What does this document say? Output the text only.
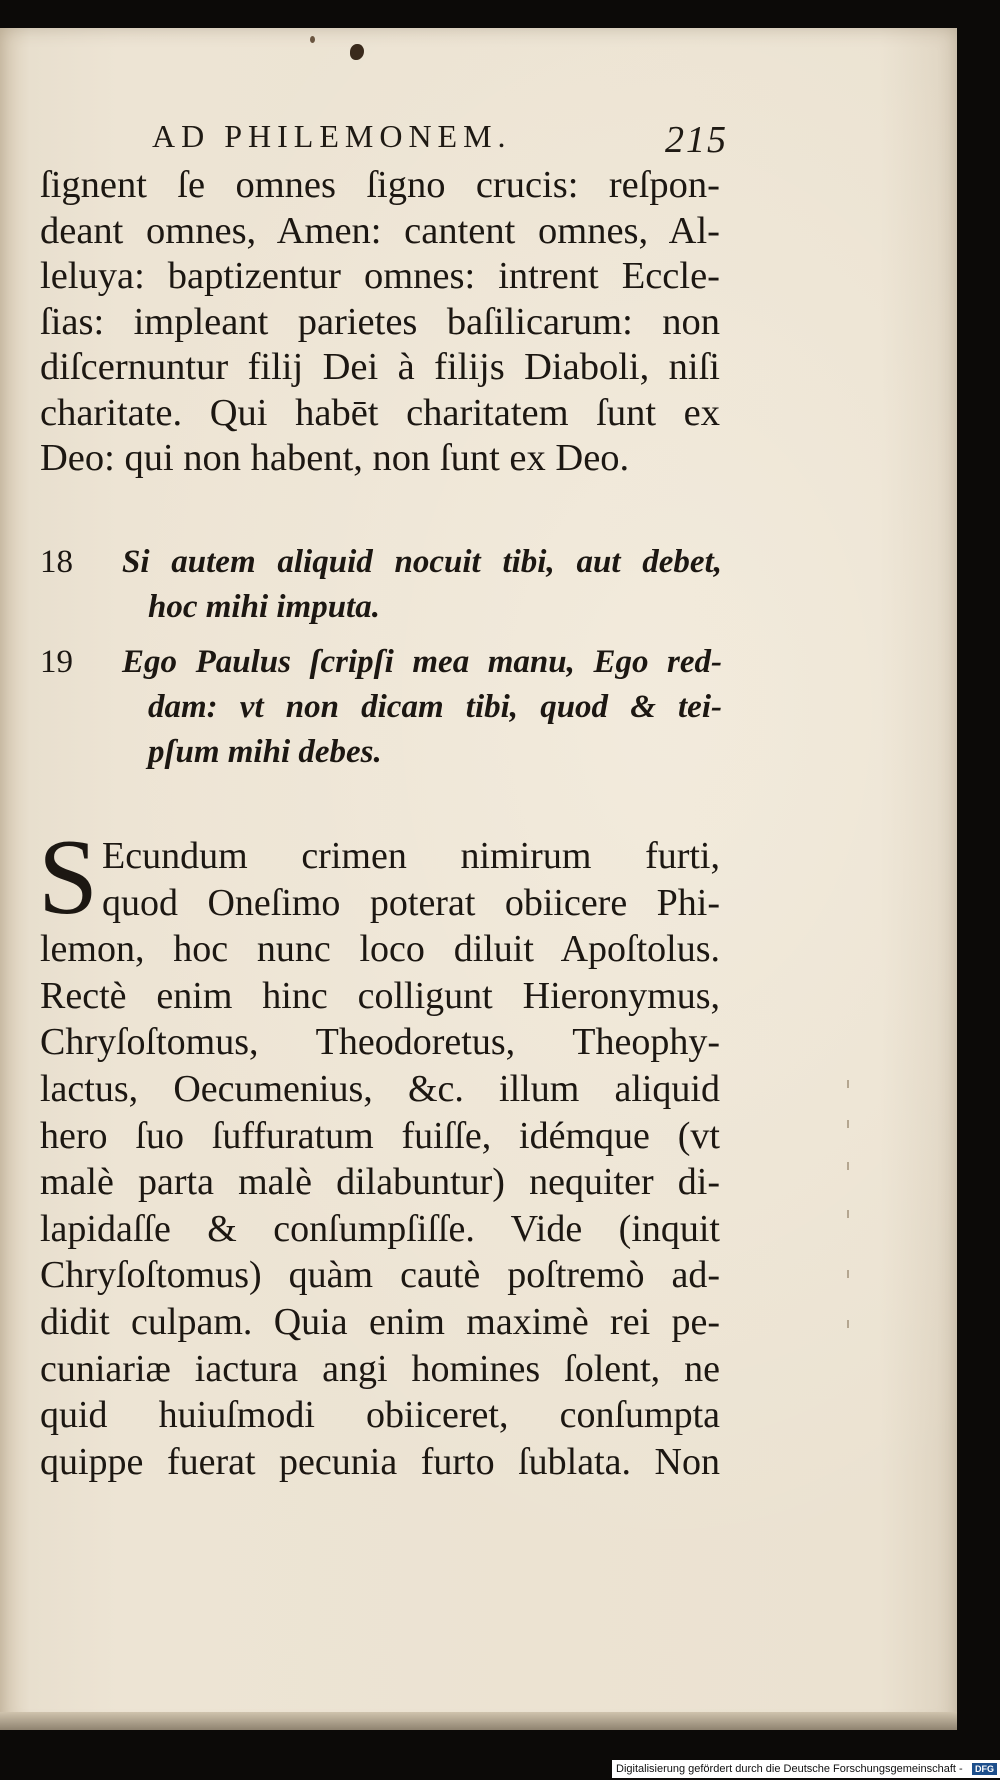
AD PHILEMONEM.	215

ſignent ſe omnes ſigno crucis: reſpon-

deant omnes, Amen: cantent omnes, Al-

leluya: baptizentur omnes: intrent Eccle-

ſias: impleant parietes baſilicarum: non

diſcernuntur filij Dei à filijs Diaboli, niſi

charitate. Qui habēt charitatem ſunt ex

Deo: qui non habent, non ſunt ex Deo.

18 Si autem aliquid nocuit tibi, aut debet,

hoc mihi imputa.

19 Ego Paulus ſcripſi mea manu, Ego red-

dam: vt non dicam tibi, quod & tei-

pſum mihi debes.

S Ecundum crimen nimirum furti,

quod Oneſimo poterat obiicere Phi-

lemon, hoc nunc loco diluit Apoſtolus.

Rectè enim hinc colligunt Hieronymus,

Chryſoſtomus, Theodoretus, Theophy-

lactus, Oecumenius, &c. illum aliquid

hero ſuo ſuffuratum fuiſſe, idémque (vt

malè parta malè dilabuntur) nequiter di-

lapidaſſe & conſumpſiſſe. Vide (inquit

Chryſoſtomus) quàm cautè poſtremò ad-

didit culpam. Quia enim maximè rei pe-

cuniariæ iactura angi homines ſolent, ne

quid huiuſmodi obiiceret, conſumpta

quippe fuerat pecunia furto ſublata. Non

Digitalisierung gefördert durch die Deutsche Forschungsgemeinschaft -	DFG
